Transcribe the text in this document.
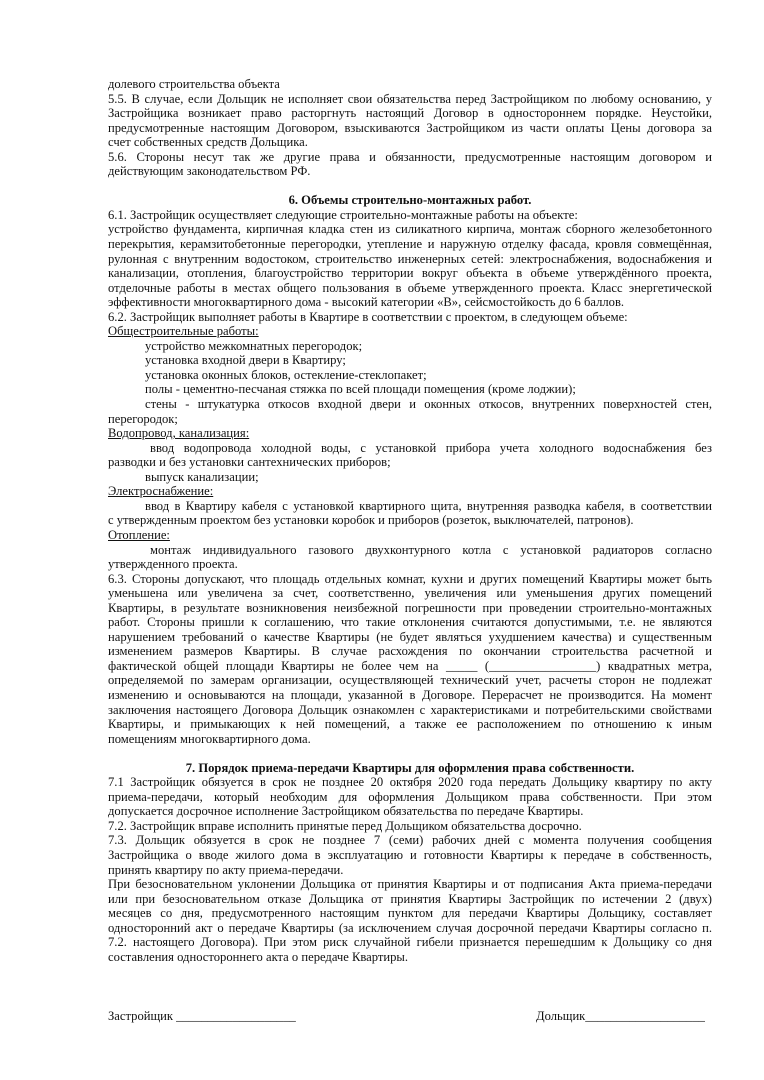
долевого строительства объекта
5.5. В случае, если Дольщик не исполняет свои обязательства перед Застройщиком по любому основанию, у
Застройщика возникает право расторгнуть настоящий Договор в одностороннем порядке. Неустойки,
предусмотренные настоящим Договором, взыскиваются Застройщиком из части оплаты Цены договора за
счет собственных средств Дольщика.
5.6. Стороны несут так же другие права и обязанности, предусмотренные настоящим договором и
действующим законодательством РФ.
6. Объемы строительно-монтажных работ.
6.1. Застройщик осуществляет следующие строительно-монтажные работы на объекте:
устройство фундамента, кирпичная кладка стен из силикатного кирпича, монтаж сборного железобетонного
перекрытия, керамзитобетонные перегородки, утепление и наружную отделку фасада, кровля совмещённая,
рулонная с внутренним водостоком, строительство инженерных сетей: электроснабжения, водоснабжения и
канализации, отопления, благоустройство территории вокруг объекта в объеме утверждённого проекта,
отделочные работы в местах общего пользования в объеме утвержденного проекта. Класс энергетической
эффективности многоквартирного дома - высокий категории «В», сейсмостойкость до 6 баллов.
6.2. Застройщик выполняет работы в Квартире в соответствии с проектом, в следующем объеме:
Общестроительные работы:
устройство межкомнатных перегородок;
установка входной двери в Квартиру;
установка оконных блоков, остекление-стеклопакет;
полы - цементно-песчаная стяжка по всей площади помещения (кроме лоджии);
стены - штукатурка откосов входной двери и оконных откосов, внутренних поверхностей стен,
перегородок;
Водопровод, канализация:
ввод водопровода холодной воды, с установкой прибора учета холодного водоснабжения без
разводки и без установки сантехнических приборов;
выпуск канализации;
Электроснабжение:
ввод в Квартиру кабеля с установкой квартирного щита, внутренняя разводка кабеля, в соответствии
с утвержденным проектом без установки коробок и приборов (розеток, выключателей, патронов).
Отопление:
монтаж индивидуального газового двухконтурного котла с установкой радиаторов согласно
утвержденного проекта.
6.3. Стороны допускают, что площадь отдельных комнат, кухни и других помещений Квартиры может быть
уменьшена или увеличена за счет, соответственно, увеличения или уменьшения других помещений
Квартиры, в результате возникновения неизбежной погрешности при проведении строительно-монтажных
работ. Стороны пришли к соглашению, что такие отклонения считаются допустимыми, т.е. не являются
нарушением требований о качестве Квартиры (не будет являться ухудшением качества) и существенным
изменением размеров Квартиры. В случае расхождения по окончании строительства расчетной и
фактической общей площади Квартиры не более чем на _____ (_________________) квадратных метра,
определяемой по замерам организации, осуществляющей технический учет, расчеты сторон не подлежат
изменению и основываются на площади, указанной в Договоре. Перерасчет не производится. На момент
заключения настоящего Договора Дольщик ознакомлен с характеристиками и потребительскими свойствами
Квартиры, и примыкающих к ней помещений, а также ее расположением по отношению к иным
помещениям многоквартирного дома.
7. Порядок приема-передачи Квартиры для оформления права собственности.
7.1 Застройщик обязуется в срок не позднее 20 октября 2020 года передать Дольщику квартиру по акту
приема-передачи, который необходим для оформления Дольщиком права собственности. При этом
допускается досрочное исполнение Застройщиком обязательства по передаче Квартиры.
7.2. Застройщик вправе исполнить принятые перед Дольщиком обязательства досрочно.
7.3. Дольщик обязуется в срок не позднее 7 (семи) рабочих дней с момента получения сообщения
Застройщика о вводе жилого дома в эксплуатацию и готовности Квартиры к передаче в собственность,
принять квартиру по акту приема-передачи.
При безосновательном уклонении Дольщика от принятия Квартиры и от подписания Акта приема-передачи
или при безосновательном отказе Дольщика от принятия Квартиры Застройщик по истечении 2 (двух)
месяцев со дня, предусмотренного настоящим пунктом для передачи Квартиры Дольщику, составляет
односторонний акт о передаче Квартиры (за исключением случая досрочной передачи Квартиры согласно п.
7.2. настоящего Договора). При этом риск случайной гибели признается перешедшим к Дольщику со дня
составления одностороннего акта о передаче Квартиры.
Застройщик ___________________	Дольщик___________________
